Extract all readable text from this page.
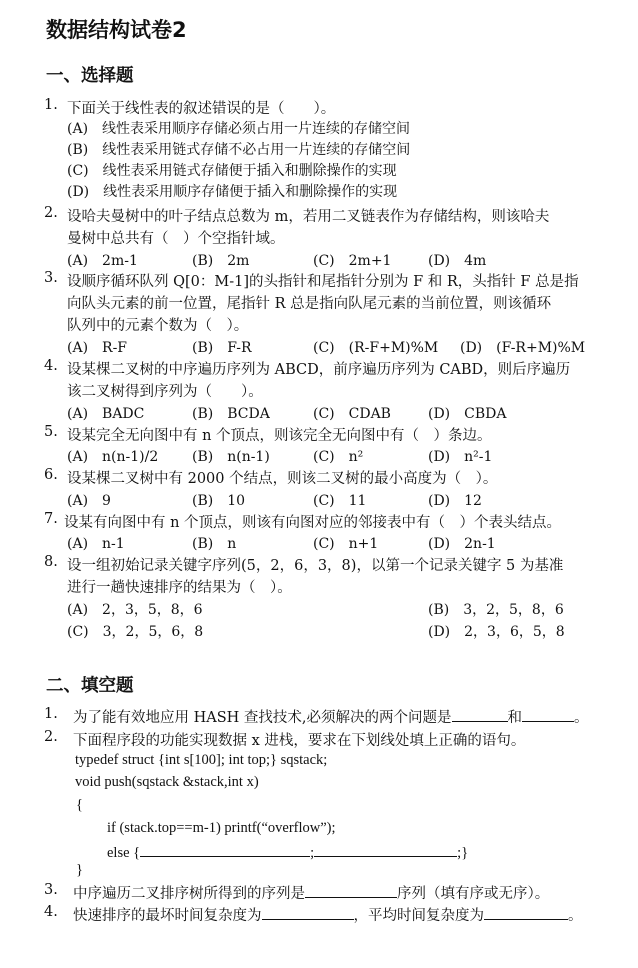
数据结构试卷2
一、选择题
1. 下面关于线性表的叙述错误的是（　　）。
(A)　线性表采用顺序存储必须占用一片连续的存储空间
(B)　线性表采用链式存储不必占用一片连续的存储空间
(C)　线性表采用链式存储便于插入和删除操作的实现
(D)　线性表采用顺序存储便于插入和删除操作的实现
2. 设哈夫曼树中的叶子结点总数为 m，若用二叉链表作为存储结构，则该哈夫
曼树中总共有（　）个空指针域。
(A)　2m-1	(B)　2m	(C)　2m+1	(D)　4m
3. 设顺序循环队列 Q[0：M-1]的头指针和尾指针分别为 F 和 R，头指针 F 总是指
向队头元素的前一位置，尾指针 R 总是指向队尾元素的当前位置，则该循环
队列中的元素个数为（　）。
(A)　R-F	(B)　F-R	(C)　(R-F+M)%M (D)　(F-R+M)%M
4. 设某棵二叉树的中序遍历序列为 ABCD，前序遍历序列为 CABD，则后序遍历
该二叉树得到序列为（　　）。
(A)　BADC	(B)　BCDA	(C)　CDAB	(D)　CBDA
5. 设某完全无向图中有 n 个顶点，则该完全无向图中有（　）条边。
(A)　n(n-1)/2 (B)　n(n-1)	(C)　n²	(D)　n²-1
6. 设某棵二叉树中有 2000 个结点，则该二叉树的最小高度为（　）。
(A)　9	(B)　10	(C)　11	(D)　12
7. 设某有向图中有 n 个顶点，则该有向图对应的邻接表中有（　）个表头结点。
(A)　n-1	(B)　n	(C)　n+1	(D)　2n-1
8. 设一组初始记录关键字序列(5，2，6，3，8)，以第一个记录关键字 5 为基准
进行一趟快速排序的结果为（　）。
(A)　2，3，5，8，6	(B)　3，2，5，8，6
(C)　3，2，5，6，8	(D)　2，3，6，5，8
二、填空题
1. 为了能有效地应用 HASH 查找技术,必须解决的两个问题是	和	。
2. 下面程序段的功能实现数据 x 进栈，要求在下划线处填上正确的语句。
typedef struct {int s[100]; int top;} sqstack;
void push(sqstack &stack,int x)
{
if (stack.top==m-1) printf(“overflow”);
else {	;	;}
}
3. 中序遍历二叉排序树所得到的序列是	序列（填有序或无序）。
4. 快速排序的最坏时间复杂度为	，平均时间复杂度为	。
